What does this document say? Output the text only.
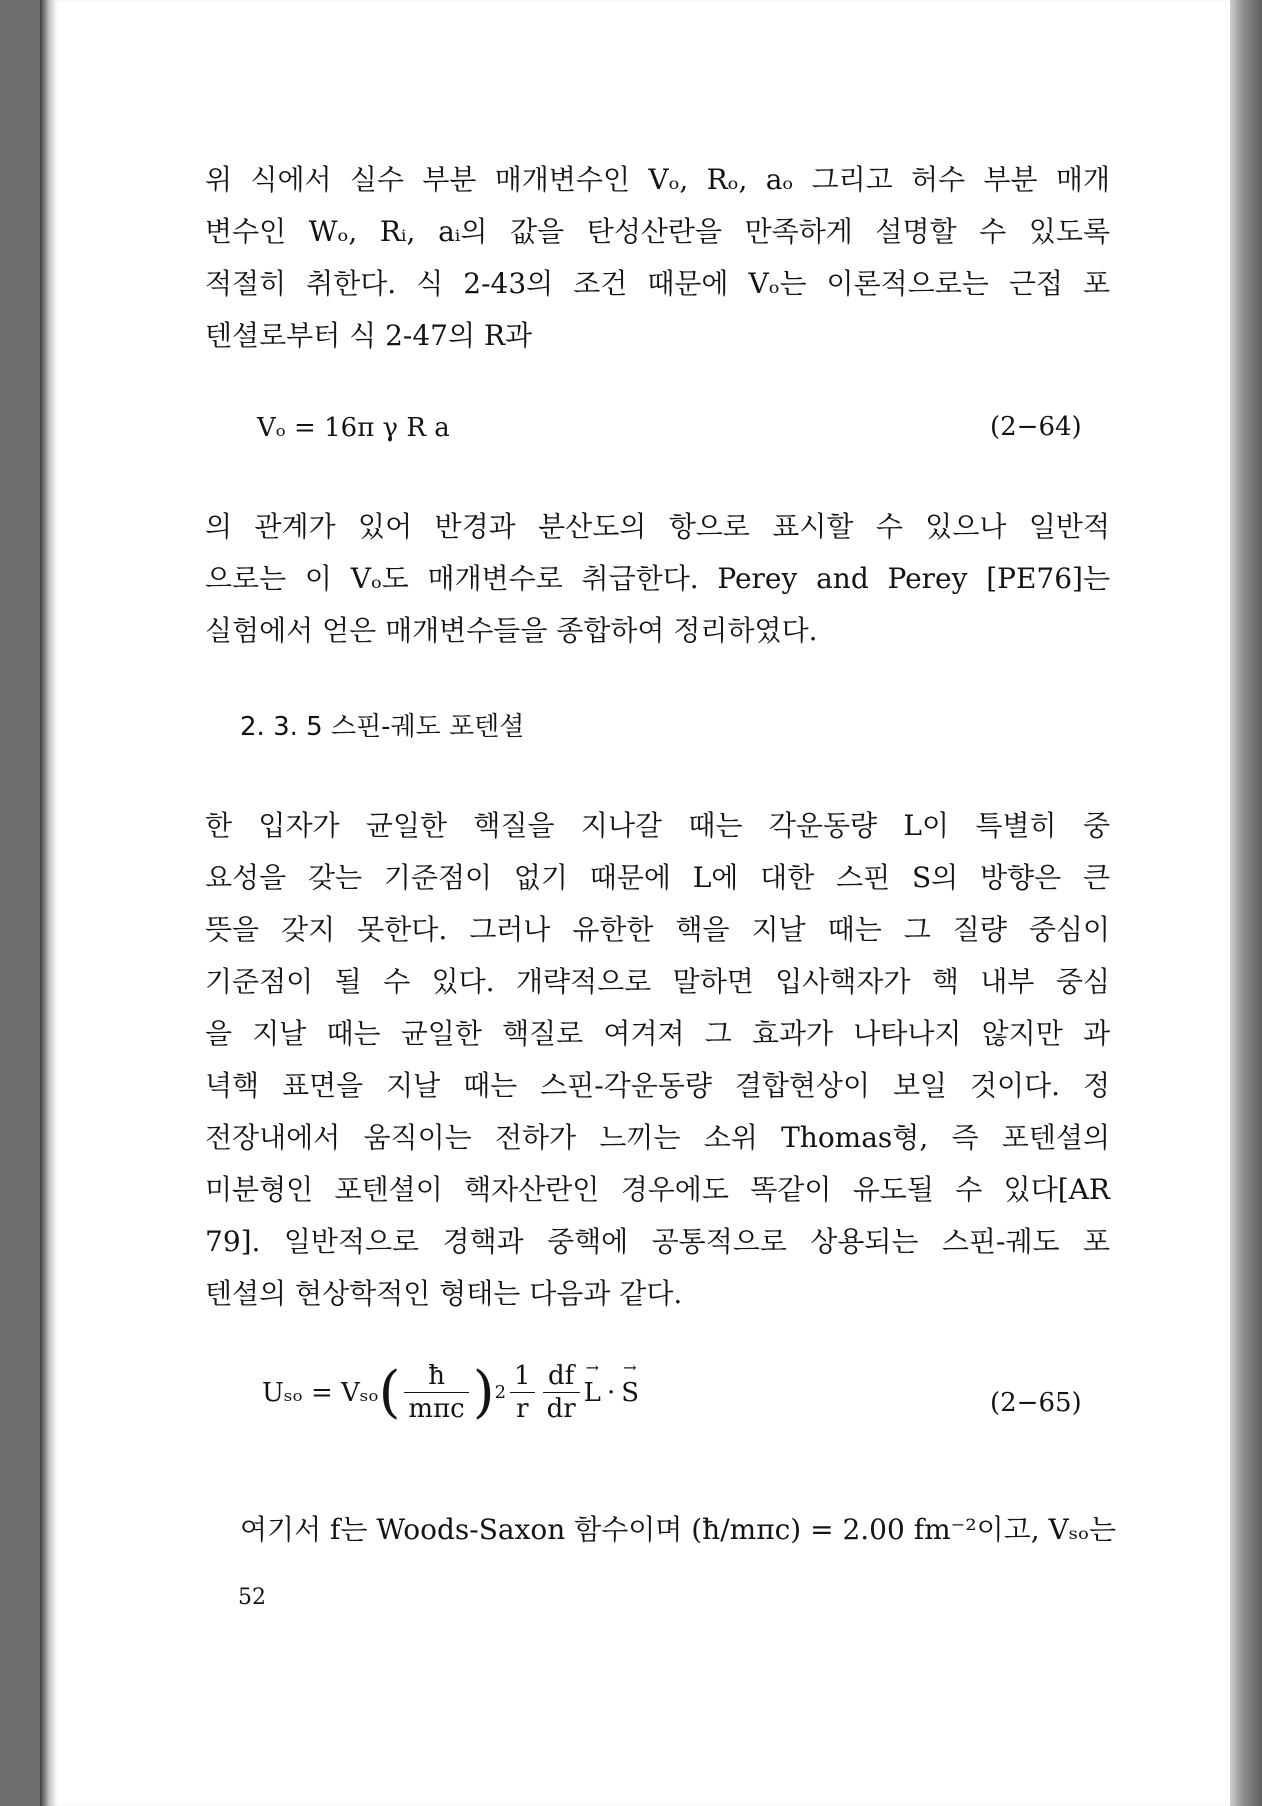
위 식에서 실수 부분 매개변수인 Vₒ, Rₒ, aₒ 그리고 허수 부분 매개
변수인 Wₒ, Rᵢ, aᵢ의 값을 탄성산란을 만족하게 설명할 수 있도록
적절히 취한다. 식 2-43의 조건 때문에 Vₒ는 이론적으로는 근접 포
텐셜로부터 식 2-47의 R과
Vₒ = 16π γ R a	(2−64)
의 관계가 있어 반경과 분산도의 항으로 표시할 수 있으나 일반적
으로는 이 Vₒ도 매개변수로 취급한다. Perey and Perey [PE76]는
실험에서 얻은 매개변수들을 종합하여 정리하였다.
2. 3. 5 스핀-궤도 포텐셜
한 입자가 균일한 핵질을 지나갈 때는 각운동량 L이 특별히 중
요성을 갖는 기준점이 없기 때문에 L에 대한 스핀 S의 방향은 큰
뜻을 갖지 못한다. 그러나 유한한 핵을 지날 때는 그 질량 중심이
기준점이 될 수 있다. 개략적으로 말하면 입사핵자가 핵 내부 중심
을 지날 때는 균일한 핵질로 여겨져 그 효과가 나타나지 않지만 과
녁핵 표면을 지날 때는 스핀-각운동량 결합현상이 보일 것이다. 정
전장내에서 움직이는 전하가 느끼는 소위 Thomas형, 즉 포텐셜의
미분형인 포텐셜이 핵자산란인 경우에도 똑같이 유도될 수 있다[AR
79]. 일반적으로 경핵과 중핵에 공통적으로 상용되는 스핀-궤도 포
텐셜의 현상학적인 형태는 다음과 같다.
Uₛₒ = Vₛₒ ( $\frac{ħ}{\text{mπc}}$ ) $2 \frac{1}{r} \frac{df}{dr}$
→ L ·
→ S	(2−65)
여기서 f는 Woods-Saxon 함수이며 (ħ/mπc) = 2.00 fm⁻²이고, Vₛₒ는
52
